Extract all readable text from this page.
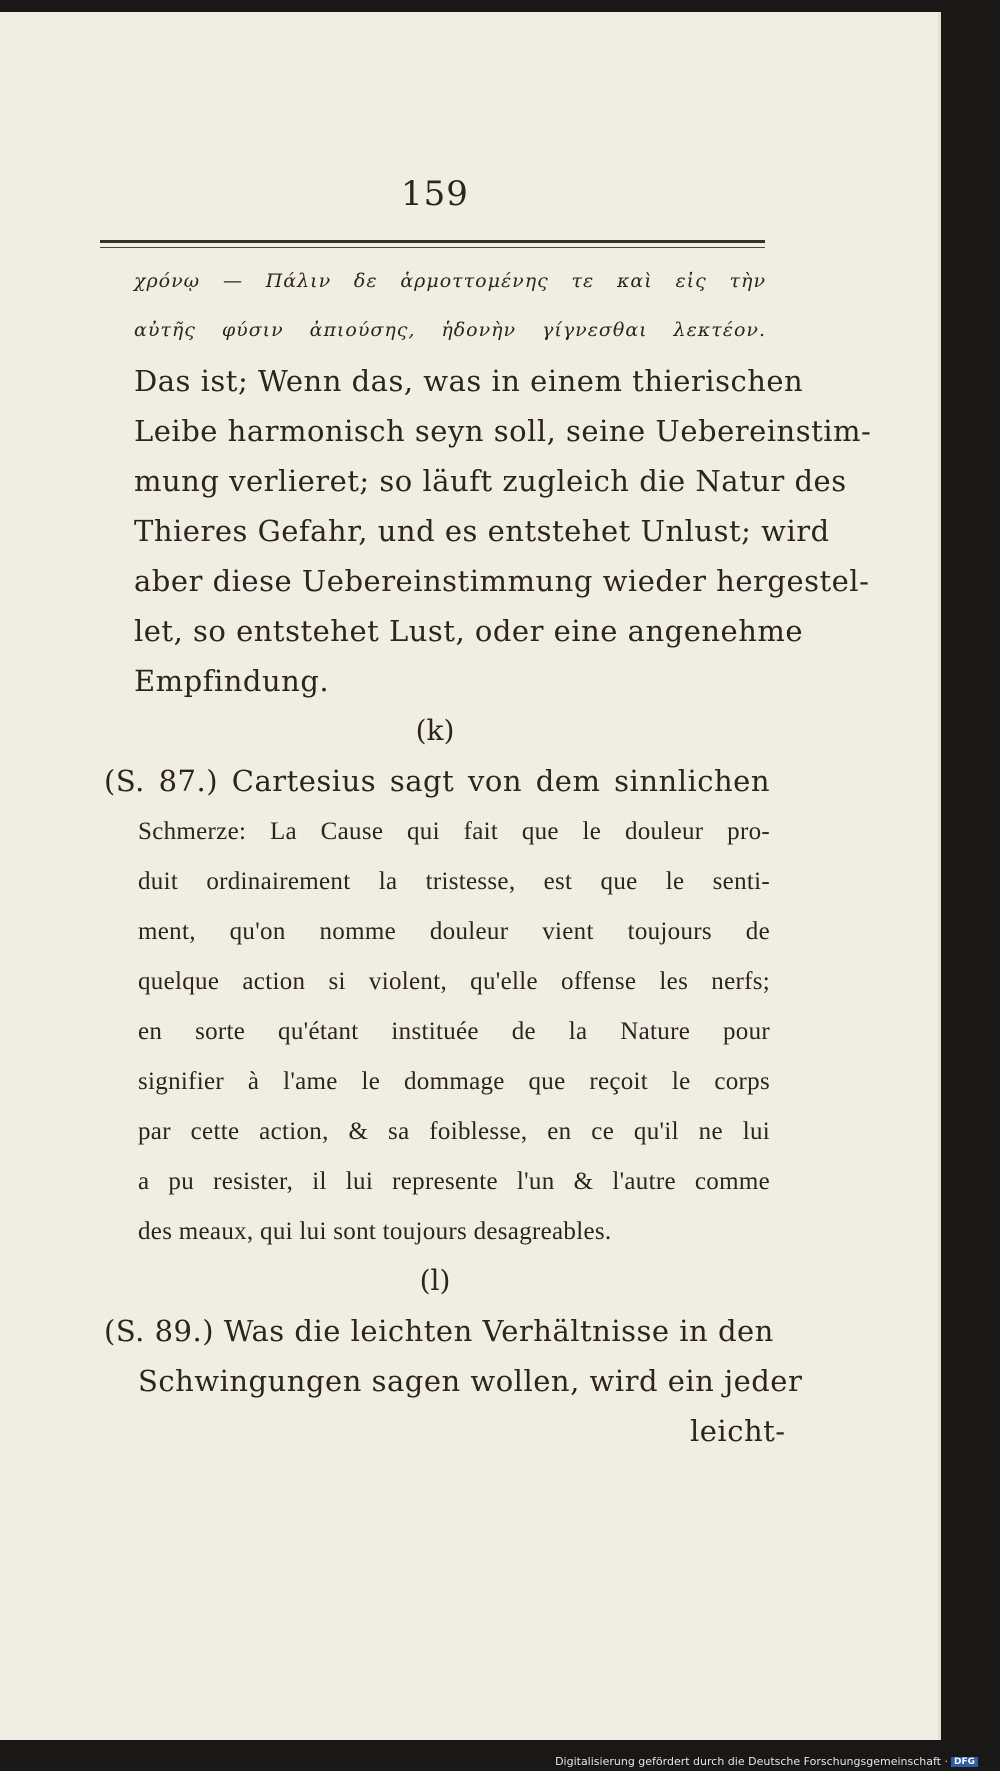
159
χρόνῳ — Πάλιν δε ἁρμοττομένης τε καὶ εἰς τὴν
αὐτῆς φύσιν ἀπιούσης, ἡδονὴν γίγνεσθαι λεκτέον.
Das ist; Wenn das, was in einem thierischen
Leibe harmonisch seyn soll, seine Uebereinstim-
mung verlieret; so läuft zugleich die Natur des
Thieres Gefahr, und es entstehet Unlust; wird
aber diese Uebereinstimmung wieder hergestel-
let, so entstehet Lust, oder eine angenehme
Empfindung.
(k)
(S. 87.) Cartesius sagt von dem sinnlichen
Schmerze: La Cause qui fait que le douleur pro-
duit ordinairement la tristesse, est que le senti-
ment, qu'on nomme douleur vient toujours de
quelque action si violent, qu'elle offense les nerfs;
en sorte qu'étant instituée de la Nature pour
signifier à l'ame le dommage que reçoit le corps
par cette action, & sa foiblesse, en ce qu'il ne lui
a pu resister, il lui represente l'un & l'autre comme
des meaux, qui lui sont toujours desagreables.
(l)
(S. 89.) Was die leichten Verhältnisse in den
Schwingungen sagen wollen, wird ein jeder
leicht-
Digitalisierung gefördert durch die Deutsche Forschungsgemeinschaft · DFG
